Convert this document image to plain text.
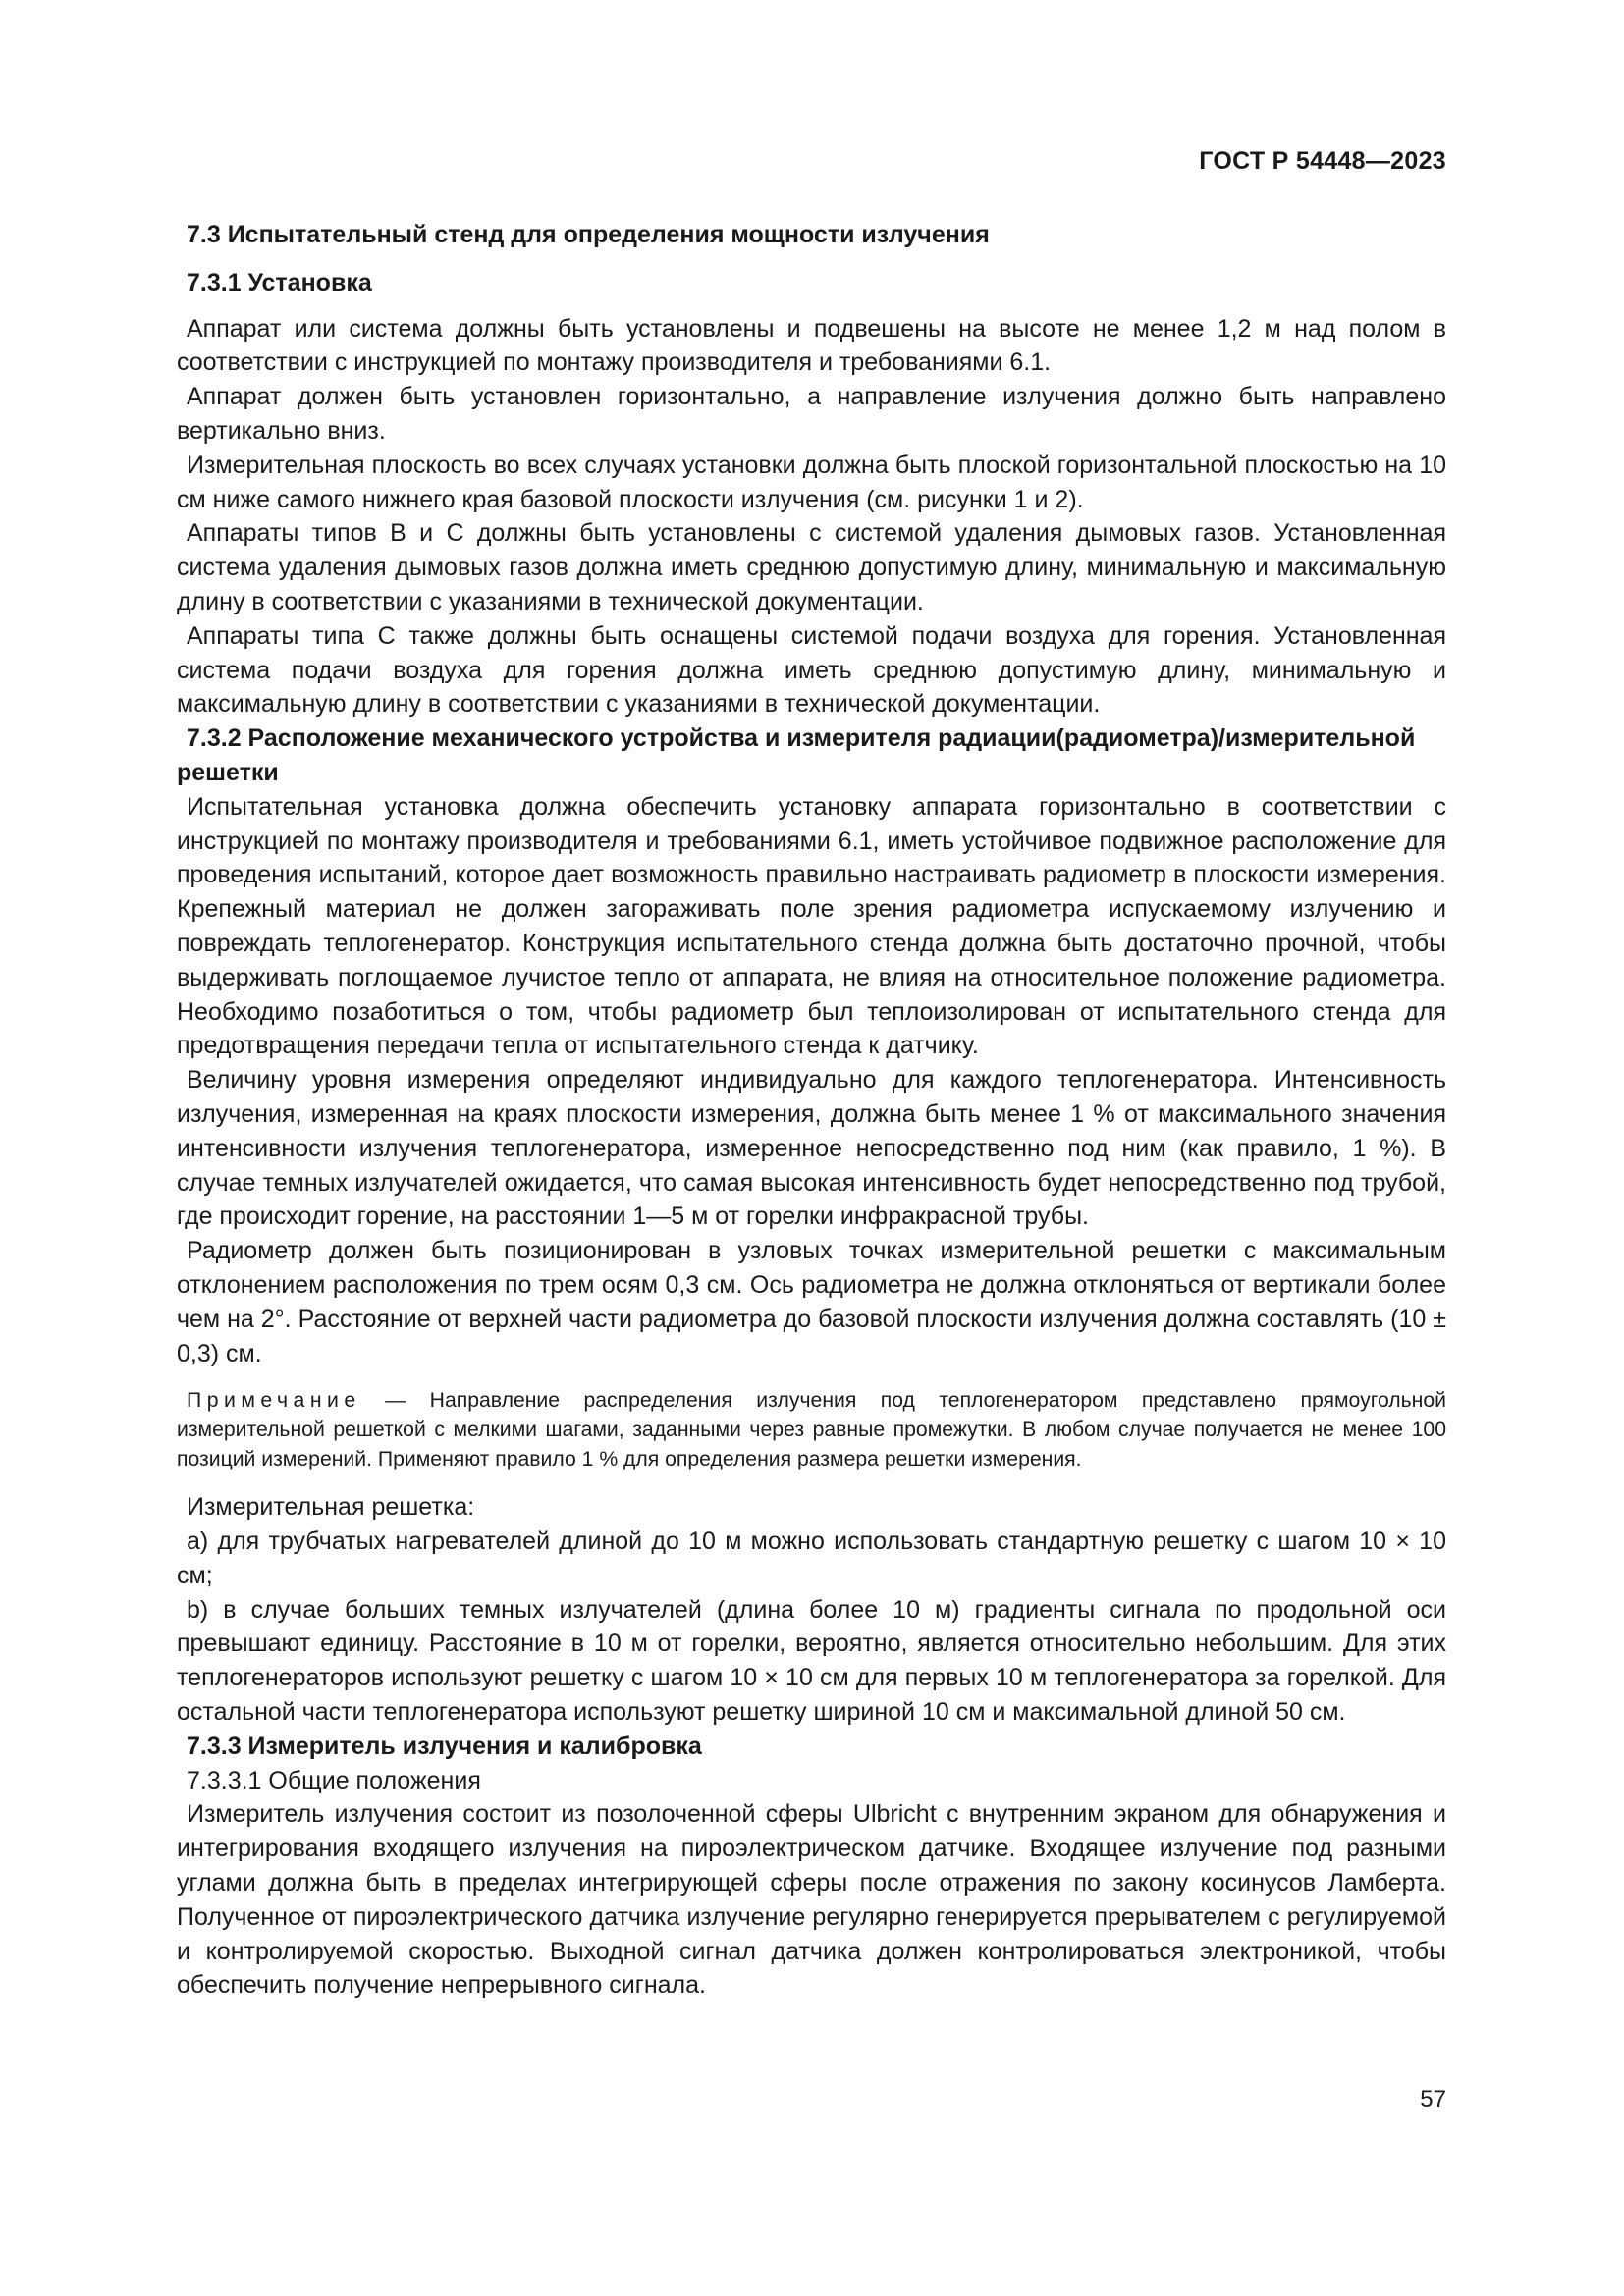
ГОСТ Р 54448—2023
7.3 Испытательный стенд для определения мощности излучения
7.3.1 Установка

Аппарат или система должны быть установлены и подвешены на высоте не менее 1,2 м над полом в соответствии с инструкцией по монтажу производителя и требованиями 6.1.

Аппарат должен быть установлен горизонтально, а направление излучения должно быть направлено вертикально вниз.

Измерительная плоскость во всех случаях установки должна быть плоской горизонтальной плоскостью на 10 см ниже самого нижнего края базовой плоскости излучения (см. рисунки 1 и 2).

Аппараты типов В и С должны быть установлены с системой удаления дымовых газов. Установленная система удаления дымовых газов должна иметь среднюю допустимую длину, минимальную и максимальную длину в соответствии с указаниями в технической документации.

Аппараты типа С также должны быть оснащены системой подачи воздуха для горения. Установленная система подачи воздуха для горения должна иметь среднюю допустимую длину, минимальную и максимальную длину в соответствии с указаниями в технической документации.

7.3.2 Расположение механического устройства и измерителя радиации(радиометра)/измерительной решетки

Испытательная установка должна обеспечить установку аппарата горизонтально в соответствии с инструкцией по монтажу производителя и требованиями 6.1, иметь устойчивое подвижное расположение для проведения испытаний, которое дает возможность правильно настраивать радиометр в плоскости измерения. Крепежный материал не должен загораживать поле зрения радиометра испускаемому излучению и повреждать теплогенератор. Конструкция испытательного стенда должна быть достаточно прочной, чтобы выдерживать поглощаемое лучистое тепло от аппарата, не влияя на относительное положение радиометра. Необходимо позаботиться о том, чтобы радиометр был теплоизолирован от испытательного стенда для предотвращения передачи тепла от испытательного стенда к датчику.

Величину уровня измерения определяют индивидуально для каждого теплогенератора. Интенсивность излучения, измеренная на краях плоскости измерения, должна быть менее 1 % от максимального значения интенсивности излучения теплогенератора, измеренное непосредственно под ним (как правило, 1 %). В случае темных излучателей ожидается, что самая высокая интенсивность будет непосредственно под трубой, где происходит горение, на расстоянии 1—5 м от горелки инфракрасной трубы.

Радиометр должен быть позиционирован в узловых точках измерительной решетки с максимальным отклонением расположения по трем осям 0,3 см. Ось радиометра не должна отклоняться от вертикали более чем на 2°. Расстояние от верхней части радиометра до базовой плоскости излучения должна составлять (10 ± 0,3) см.

Примечание — Направление распределения излучения под теплогенератором представлено прямоугольной измерительной решеткой с мелкими шагами, заданными через равные промежутки. В любом случае получается не менее 100 позиций измерений. Применяют правило 1 % для определения размера решетки измерения.

Измерительная решетка:

а) для трубчатых нагревателей длиной до 10 м можно использовать стандартную решетку с шагом 10 × 10 см;

b) в случае больших темных излучателей (длина более 10 м) градиенты сигнала по продольной оси превышают единицу. Расстояние в 10 м от горелки, вероятно, является относительно небольшим. Для этих теплогенераторов используют решетку с шагом 10 × 10 см для первых 10 м теплогенератора за горелкой. Для остальной части теплогенератора используют решетку шириной 10 см и максимальной длиной 50 см.

7.3.3 Измеритель излучения и калибровка
7.3.3.1 Общие положения

Измеритель излучения состоит из позолоченной сферы Ulbricht с внутренним экраном для обнаружения и интегрирования входящего излучения на пироэлектрическом датчике. Входящее излучение под разными углами должна быть в пределах интегрирующей сферы после отражения по закону косинусов Ламберта. Полученное от пироэлектрического датчика излучение регулярно генерируется прерывателем с регулируемой и контролируемой скоростью. Выходной сигнал датчика должен контролироваться электроникой, чтобы обеспечить получение непрерывного сигнала.

57
